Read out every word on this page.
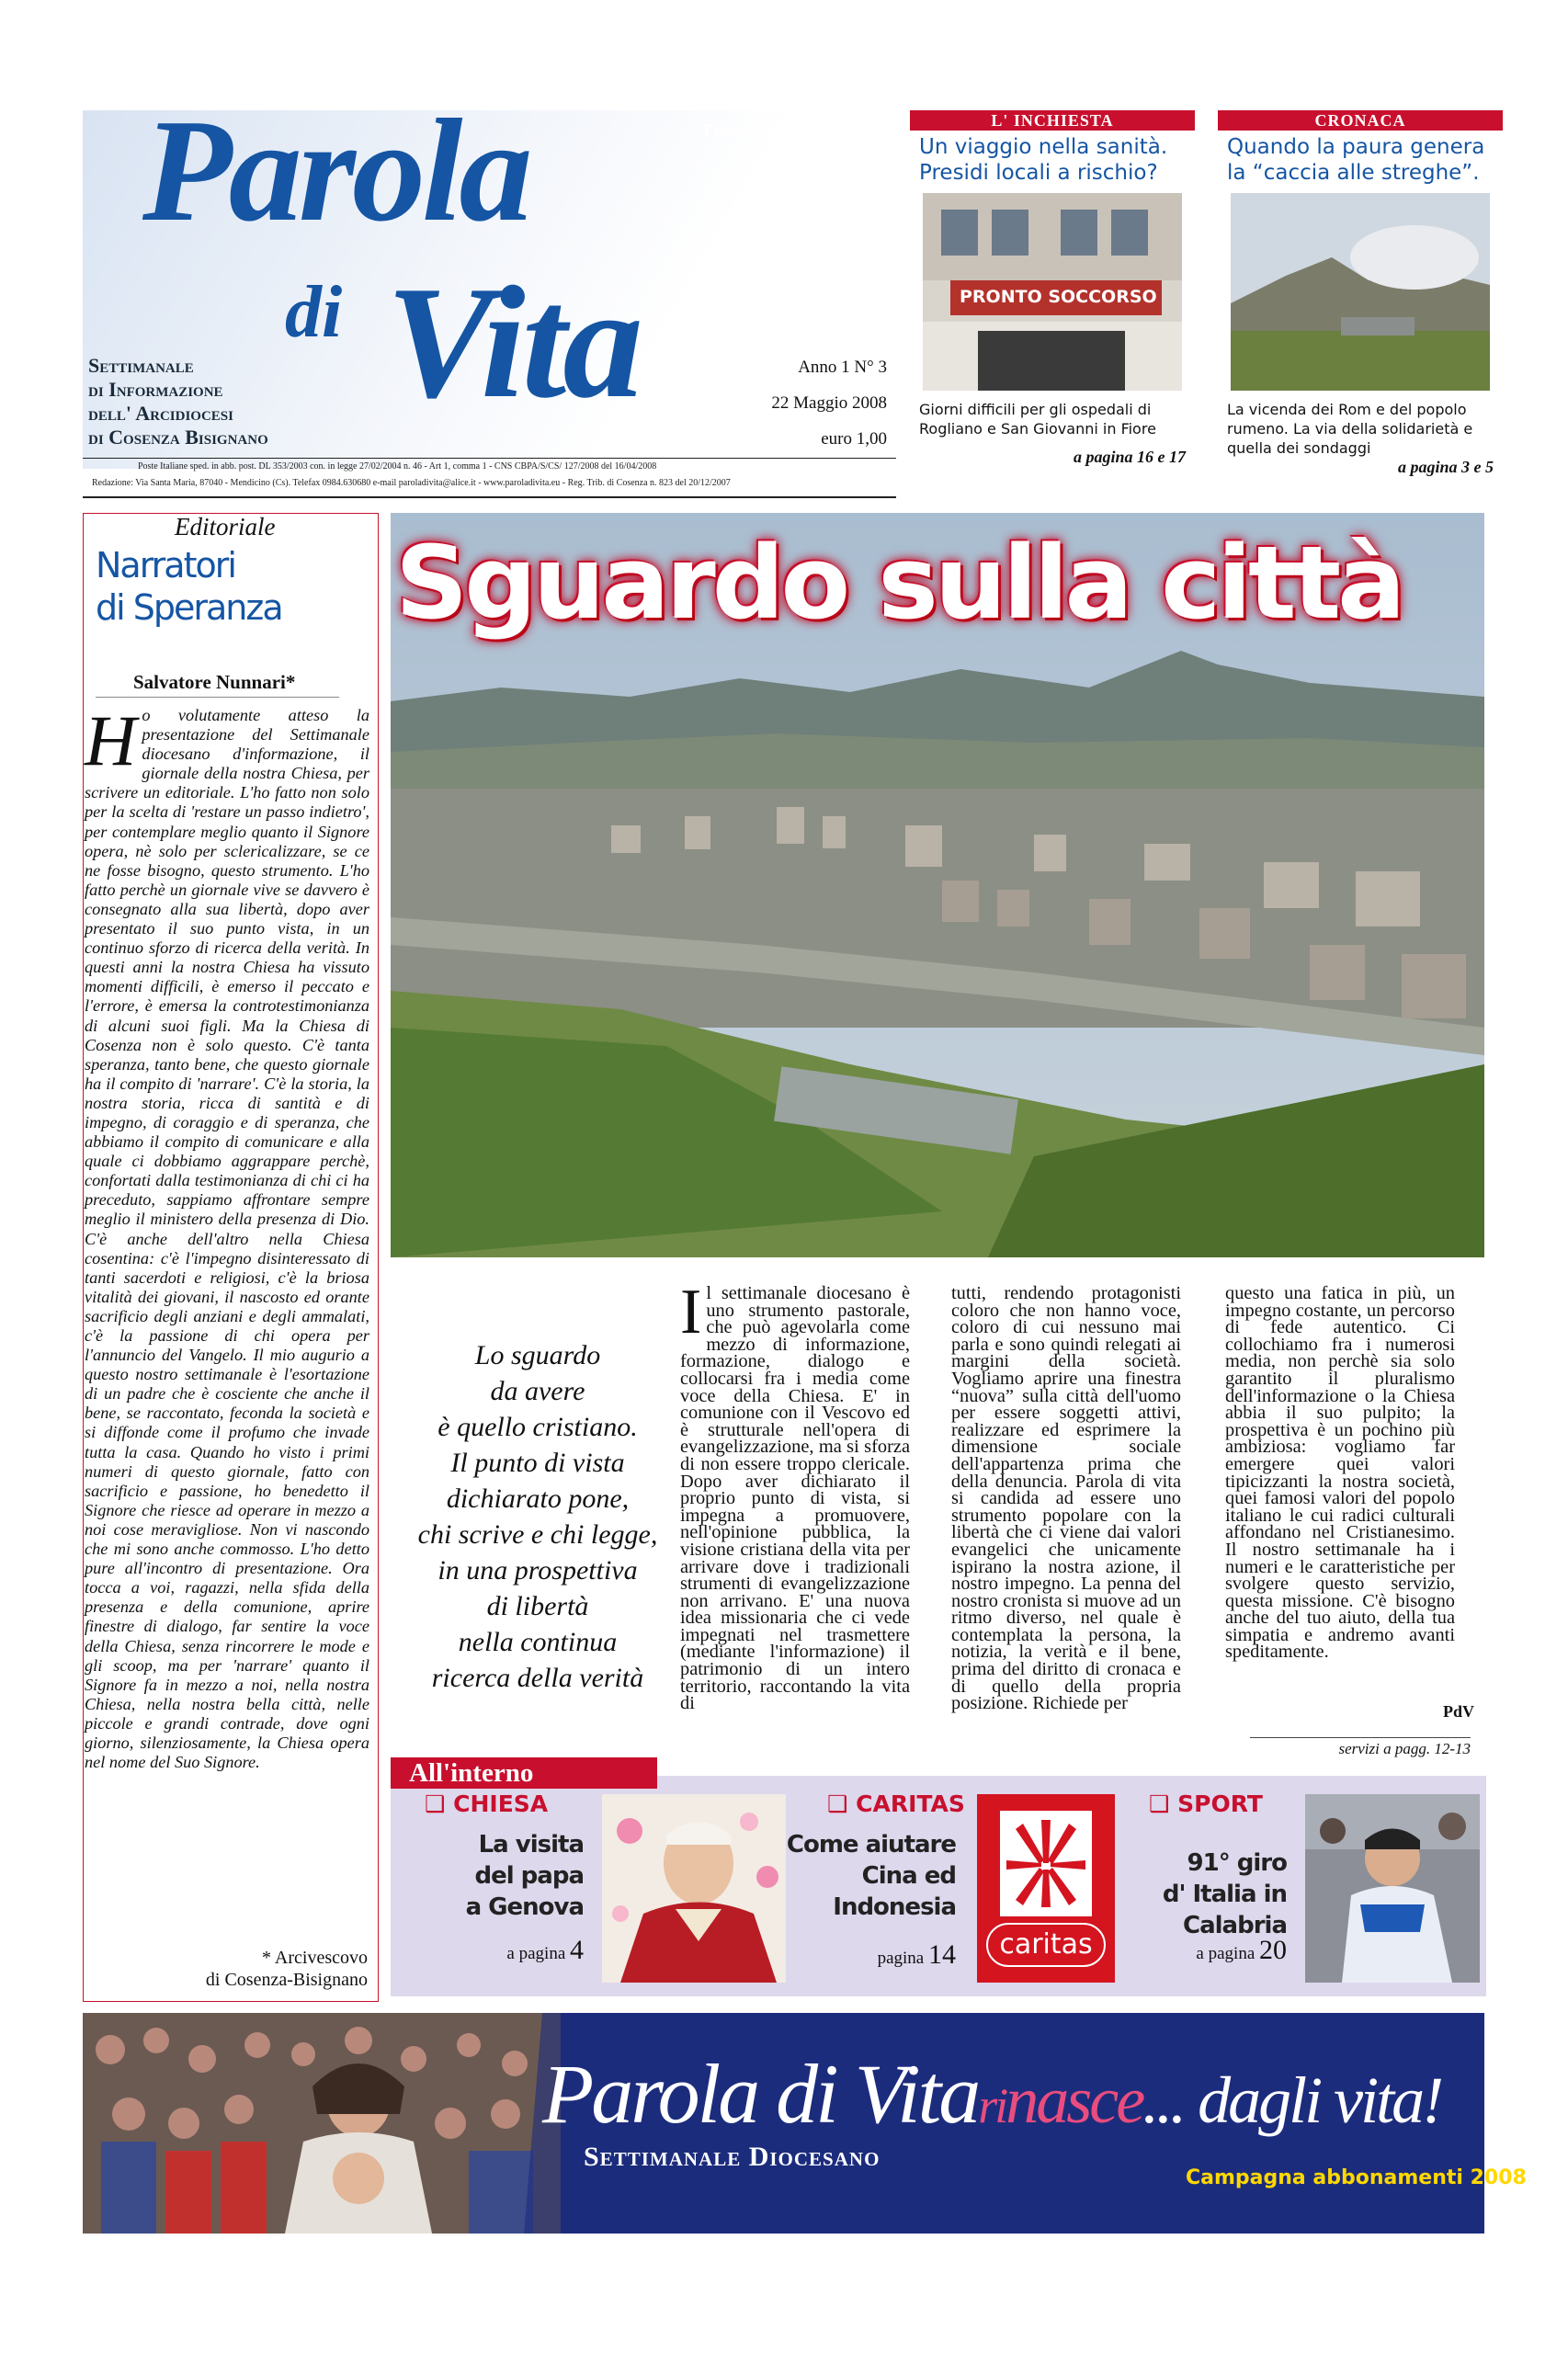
Parola
di Vita
Fondato nel 1925
Settimanale
di Informazione
dell' Arcidiocesi
di Cosenza Bisignano
Anno 1 N° 3
22 Maggio 2008
euro 1,00
Poste Italiane sped. in abb. post. DL 353/2003 con. in legge 27/02/2004 n. 46 - Art 1, comma 1 - CNS CBPA/S/CS/ 127/2008 del 16/04/2008
Redazione: Via Santa Maria, 87040 - Mendicino (Cs). Telefax 0984.630680 e-mail paroladivita@alice.it - www.paroladivita.eu - Reg. Trib. di Cosenza n. 823 del 20/12/2007
L' INCHIESTA
Un viaggio nella sanità. Presidi locali a rischio?
PRONTO SOCCORSO
Giorni difficili per gli ospedali di Rogliano e San Giovanni in Fiore
a pagina 16 e 17
CRONACA
Quando la paura genera la “caccia alle streghe”.
La vicenda dei Rom e del popolo rumeno. La via della solidarietà e quella dei sondaggi
a pagina 3 e 5
Editoriale
Narratori
di Speranza
Salvatore Nunnari*
Ho volutamente atteso la presentazione del Settimanale diocesano d'informazione, il giornale della nostra Chiesa, per scrivere un editoriale. L'ho fatto non solo per la scelta di 'restare un passo indietro', per contemplare meglio quanto il Signore opera, nè solo per sclericalizzare, se ce ne fosse bisogno, questo strumento. L'ho fatto perchè un giornale vive se davvero è consegnato alla sua libertà, dopo aver presentato il suo punto vista, in un continuo sforzo di ricerca della verità. In questi anni la nostra Chiesa ha vissuto momenti difficili, è emerso il peccato e l'errore, è emersa la controtestimonianza di alcuni suoi figli. Ma la Chiesa di Cosenza non è solo questo. C'è tanta speranza, tanto bene, che questo giornale ha il compito di 'narrare'. C'è la storia, la nostra storia, ricca di santità e di impegno, di coraggio e di speranza, che abbiamo il compito di comunicare e alla quale ci dobbiamo aggrappare perchè, confortati dalla testimonianza di chi ci ha preceduto, sappiamo affrontare sempre meglio il ministero della presenza di Dio. C'è anche dell'altro nella Chiesa cosentina: c'è l'impegno disinteressato di tanti sacerdoti e religiosi, c'è la briosa vitalità dei giovani, il nascosto ed orante sacrificio degli anziani e degli ammalati, c'è la passione di chi opera per l'annuncio del Vangelo. Il mio augurio a questo nostro settimanale è l'esortazione di un padre che è cosciente che anche il bene, se raccontato, feconda la società e si diffonde come il profumo che invade tutta la casa. Quando ho visto i primi numeri di questo giornale, fatto con sacrificio e passione, ho benedetto il Signore che riesce ad operare in mezzo a noi cose meravigliose. Non vi nascondo che mi sono anche commosso. L'ho detto pure all'incontro di presentazione. Ora tocca a voi, ragazzi, nella sfida della presenza e della comunione, aprire finestre di dialogo, far sentire la voce della Chiesa, senza rincorrere le mode e gli scoop, ma per 'narrare' quanto il Signore fa in mezzo a noi, nella nostra Chiesa, nella nostra bella città, nelle piccole e grandi contrade, dove ogni giorno, silenziosamente, la Chiesa opera nel nome del Suo Signore.
* Arcivescovo
di Cosenza-Bisignano
Sguardo sulla città
Lo sguardo
da avere
è quello cristiano.
Il punto di vista
dichiarato pone,
chi scrive e chi legge,
in una prospettiva
di libertà
nella continua
ricerca della verità
Il settimanale diocesano è uno strumento pastorale, che può agevolarla come mezzo di informazione, formazione, dialogo e collocarsi fra i media come voce della Chiesa. E' in comunione con il Vescovo ed è strutturale nell'opera di evangelizzazione, ma si sforza di non essere troppo clericale. Dopo aver dichiarato il proprio punto di vista, si impegna a promuovere, nell'opinione pubblica, la visione cristiana della vita per arrivare dove i tradizionali strumenti di evangelizzazione non arrivano. E' una nuova idea missionaria che ci vede impegnati nel trasmettere (mediante l'informazione) il patrimonio di un intero territorio, raccontando la vita di
tutti, rendendo protagonisti coloro che non hanno voce, coloro di cui nessuno mai parla e sono quindi relegati ai margini della società. Vogliamo aprire una finestra “nuova” sulla città dell'uomo per essere soggetti attivi, realizzare ed esprimere la dimensione sociale dell'appartenza prima che della denuncia. Parola di vita si candida ad essere uno strumento popolare con la libertà che ci viene dai valori evangelici che unicamente ispirano la nostra azione, il nostro impegno. La penna del nostro cronista si muove ad un ritmo diverso, nel quale è contemplata la persona, la notizia, la verità e il bene, prima del diritto di cronaca e di quello della propria posizione. Richiede per
questo una fatica in più, un impegno costante, un percorso di fede autentico. Ci collochiamo fra i numerosi media, non perchè sia solo garantito il pluralismo dell'informazione o la Chiesa abbia il suo pulpito; la prospettiva è un pochino più ambiziosa: vogliamo far emergere quei valori tipicizzanti la nostra società, quei famosi valori del popolo italiano le cui radici culturali affondano nel Cristianesimo. Il nostro settimanale ha i numeri e le caratteristiche per svolgere questo servizio, questa missione. C'è bisogno anche del tuo aiuto, della tua simpatia e andremo avanti speditamente.
PdV
servizi a pagg. 12-13
All'interno
❑ CHIESA
La visita
del papa
a Genova
a pagina 4
❑ CARITAS
Come aiutare
Cina ed
Indonesia
pagina 14	caritas
❑ SPORT
91° giro
d' Italia in
Calabria
a pagina 20
Parola di Vitarinasce... dagli vita!
Settimanale Diocesano
Campagna abbonamenti 2008
